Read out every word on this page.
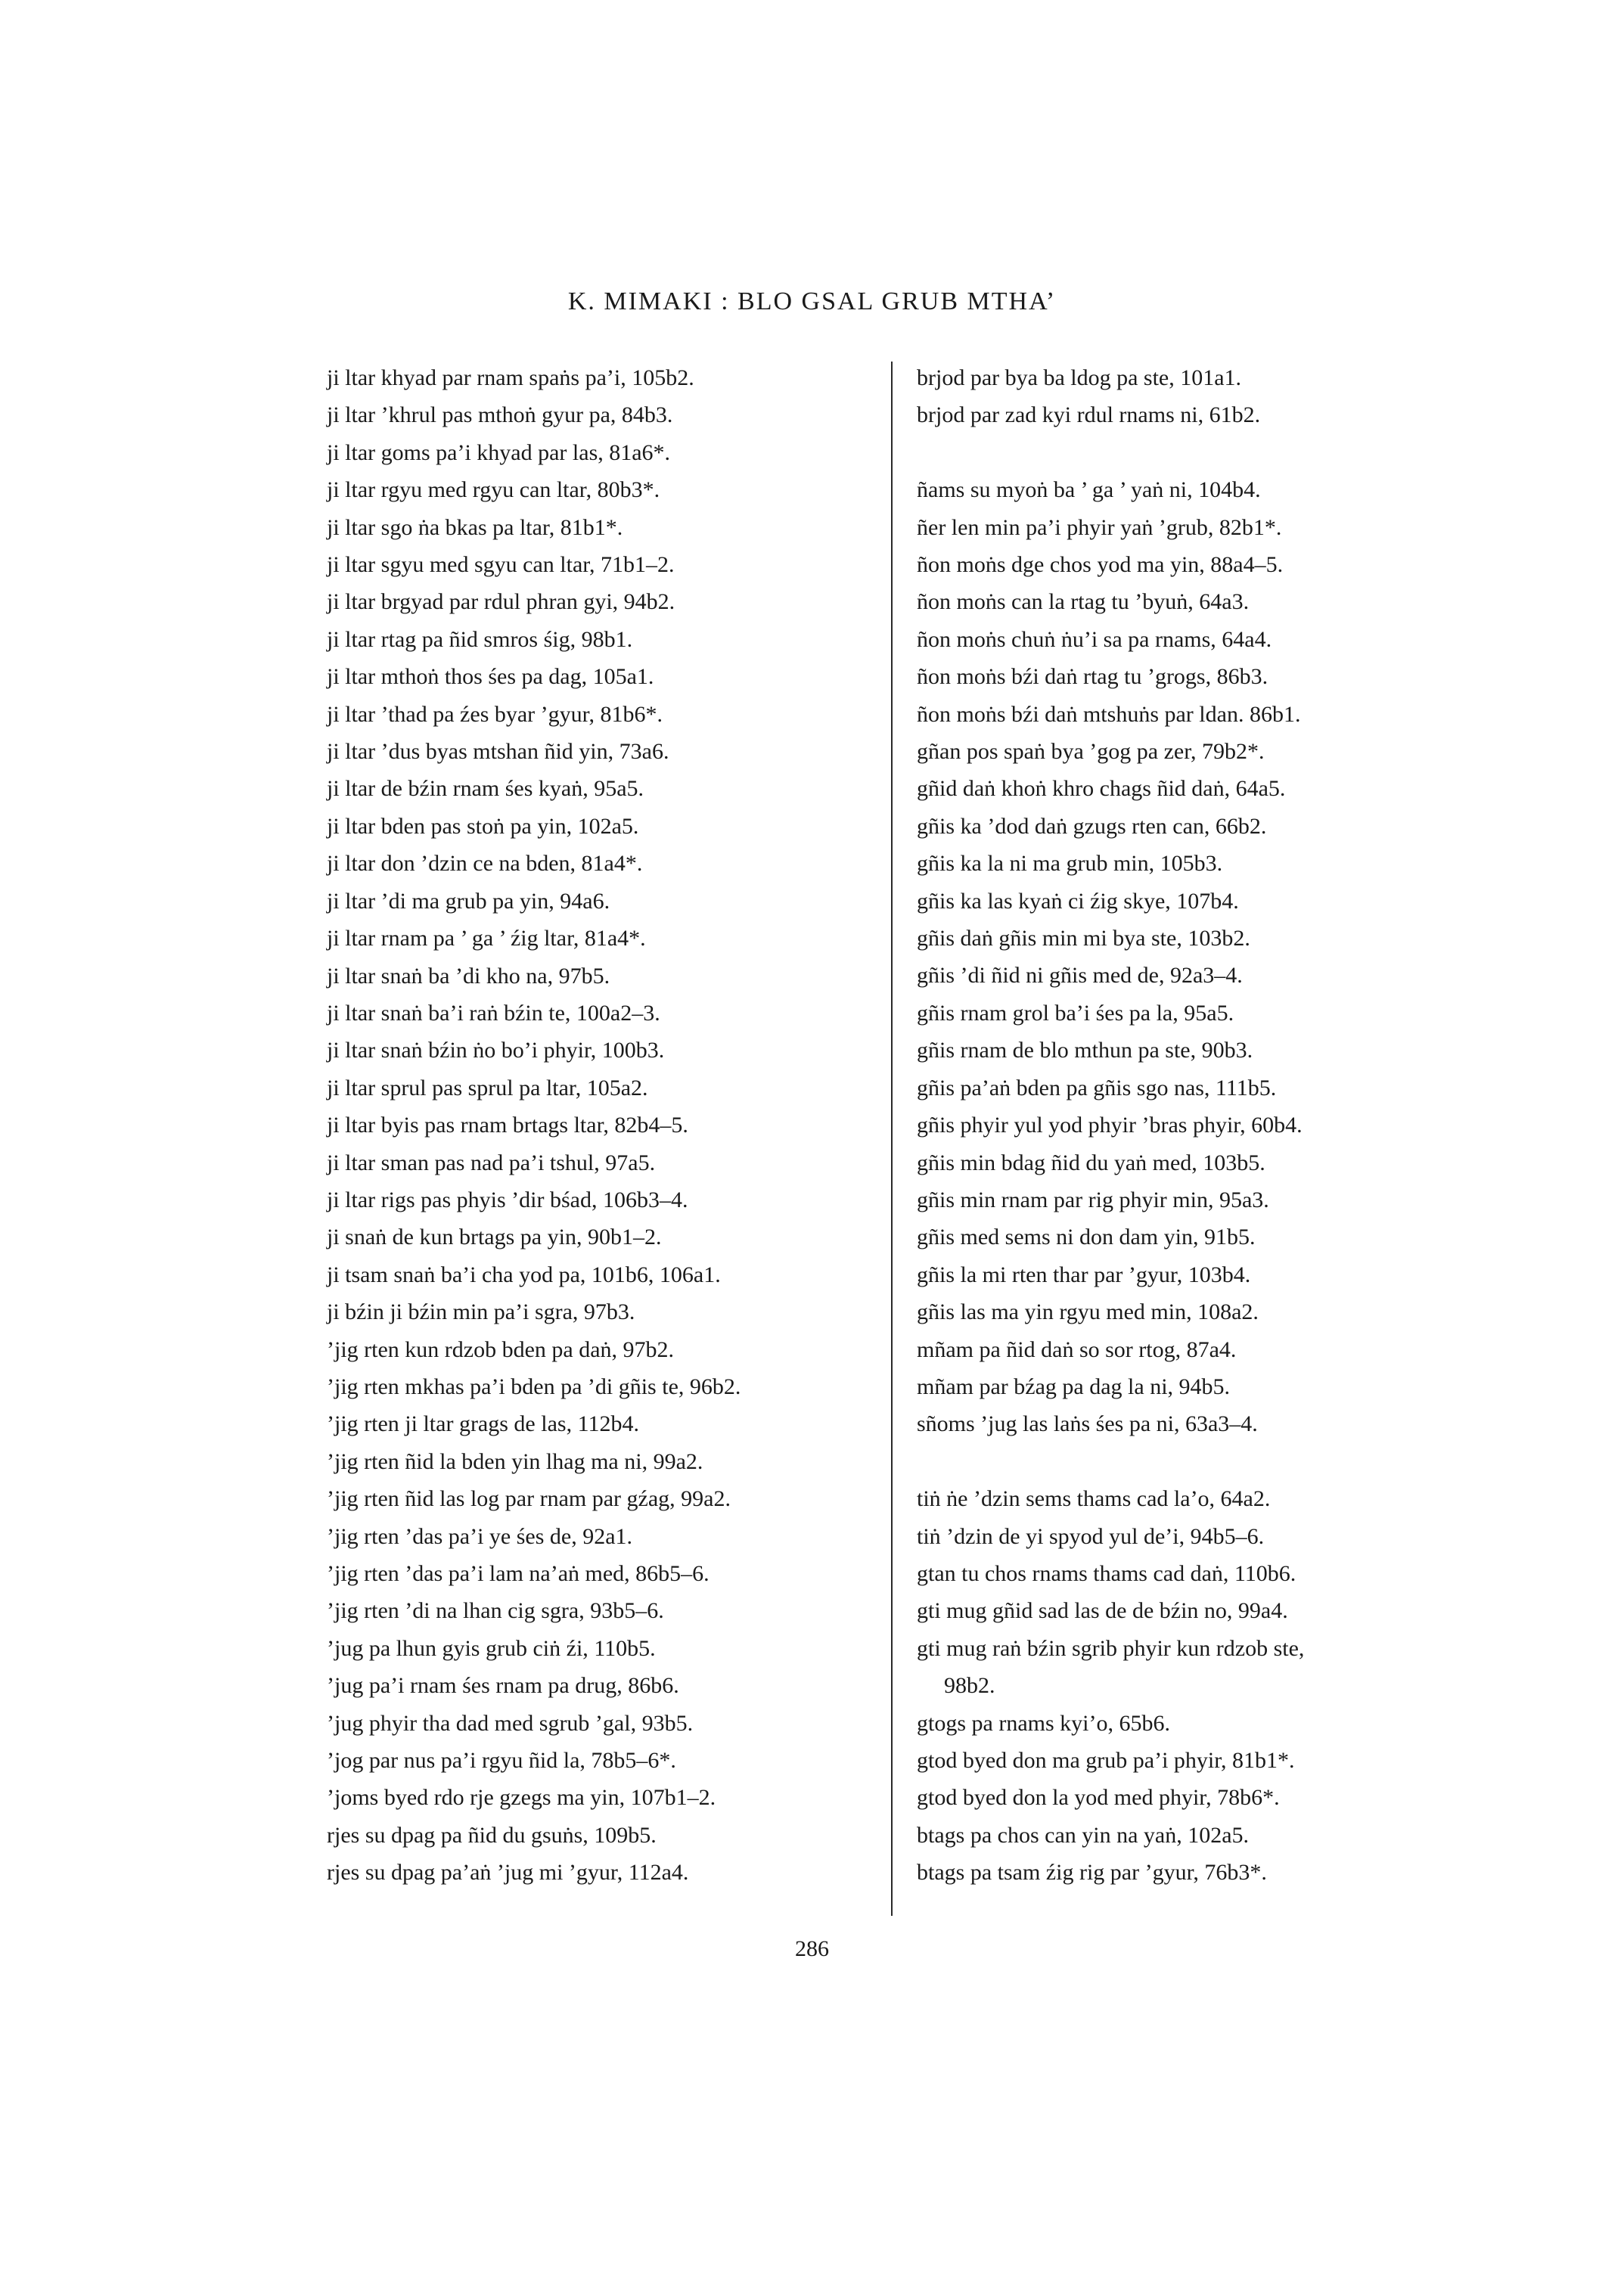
K. MIMAKI : BLO GSAL GRUB MTHA’
ji ltar khyad par rnam spaṅs pa’i, 105b2.
ji ltar ’khrul pas mthoṅ gyur pa, 84b3.
ji ltar goms pa’i khyad par las, 81a6*.
ji ltar rgyu med rgyu can ltar, 80b3*.
ji ltar sgo ṅa bkas pa ltar, 81b1*.
ji ltar sgyu med sgyu can ltar, 71b1–2.
ji ltar brgyad par rdul phran gyi, 94b2.
ji ltar rtag pa ñid smros śig, 98b1.
ji ltar mthoṅ thos śes pa dag, 105a1.
ji ltar ’thad pa źes byar ’gyur, 81b6*.
ji ltar ’dus byas mtshan ñid yin, 73a6.
ji ltar de bźin rnam śes kyaṅ, 95a5.
ji ltar bden pas stoṅ pa yin, 102a5.
ji ltar don ’dzin ce na bden, 81a4*.
ji ltar ’di ma grub pa yin, 94a6.
ji ltar rnam pa ’ ga ’ źig ltar, 81a4*.
ji ltar snaṅ ba ’di kho na, 97b5.
ji ltar snaṅ ba’i raṅ bźin te, 100a2–3.
ji ltar snaṅ bźin ṅo bo’i phyir, 100b3.
ji ltar sprul pas sprul pa ltar, 105a2.
ji ltar byis pas rnam brtags ltar, 82b4–5.
ji ltar sman pas nad pa’i tshul, 97a5.
ji ltar rigs pas phyis ’dir bśad, 106b3–4.
ji snaṅ de kun brtags pa yin, 90b1–2.
ji tsam snaṅ ba’i cha yod pa, 101b6, 106a1.
ji bźin ji bźin min pa’i sgra, 97b3.
’jig rten kun rdzob bden pa daṅ, 97b2.
’jig rten mkhas pa’i bden pa ’di gñis te, 96b2.
’jig rten ji ltar grags de las, 112b4.
’jig rten ñid la bden yin lhag ma ni, 99a2.
’jig rten ñid las log par rnam par gźag, 99a2.
’jig rten ’das pa’i ye śes de, 92a1.
’jig rten ’das pa’i lam na’aṅ med, 86b5–6.
’jig rten ’di na lhan cig sgra, 93b5–6.
’jug pa lhun gyis grub ciṅ źi, 110b5.
’jug pa’i rnam śes rnam pa drug, 86b6.
’jug phyir tha dad med sgrub ’gal, 93b5.
’jog par nus pa’i rgyu ñid la, 78b5–6*.
’joms byed rdo rje gzegs ma yin, 107b1–2.
rjes su dpag pa ñid du gsuṅs, 109b5.
rjes su dpag pa’aṅ ’jug mi ’gyur, 112a4.
brjod par bya ba ldog pa ste, 101a1.
brjod par zad kyi rdul rnams ni, 61b2.
ñams su myoṅ ba ’ ga ’ yaṅ ni, 104b4.
ñer len min pa’i phyir yaṅ ’grub, 82b1*.
ñon moṅs dge chos yod ma yin, 88a4–5.
ñon moṅs can la rtag tu ’byuṅ, 64a3.
ñon moṅs chuṅ ṅu’i sa pa rnams, 64a4.
ñon moṅs bźi daṅ rtag tu ’grogs, 86b3.
ñon moṅs bźi daṅ mtshuṅs par ldan. 86b1.
gñan pos spaṅ bya ’gog pa zer, 79b2*.
gñid daṅ khoṅ khro chags ñid daṅ, 64a5.
gñis ka ’dod daṅ gzugs rten can, 66b2.
gñis ka la ni ma grub min, 105b3.
gñis ka las kyaṅ ci źig skye, 107b4.
gñis daṅ gñis min mi bya ste, 103b2.
gñis ’di ñid ni gñis med de, 92a3–4.
gñis rnam grol ba’i śes pa la, 95a5.
gñis rnam de blo mthun pa ste, 90b3.
gñis pa’aṅ bden pa gñis sgo nas, 111b5.
gñis phyir yul yod phyir ’bras phyir, 60b4.
gñis min bdag ñid du yaṅ med, 103b5.
gñis min rnam par rig phyir min, 95a3.
gñis med sems ni don dam yin, 91b5.
gñis la mi rten thar par ’gyur, 103b4.
gñis las ma yin rgyu med min, 108a2.
mñam pa ñid daṅ so sor rtog, 87a4.
mñam par bźag pa dag la ni, 94b5.
sñoms ’jug las laṅs śes pa ni, 63a3–4.
tiṅ ṅe ’dzin sems thams cad la’o, 64a2.
tiṅ ’dzin de yi spyod yul de’i, 94b5–6.
gtan tu chos rnams thams cad daṅ, 110b6.
gti mug gñid sad las de de bźin no, 99a4.
gti mug raṅ bźin sgrib phyir kun rdzob ste,
98b2.
gtogs pa rnams kyi’o, 65b6.
gtod byed don ma grub pa’i phyir, 81b1*.
gtod byed don la yod med phyir, 78b6*.
btags pa chos can yin na yaṅ, 102a5.
btags pa tsam źig rig par ’gyur, 76b3*.
286
